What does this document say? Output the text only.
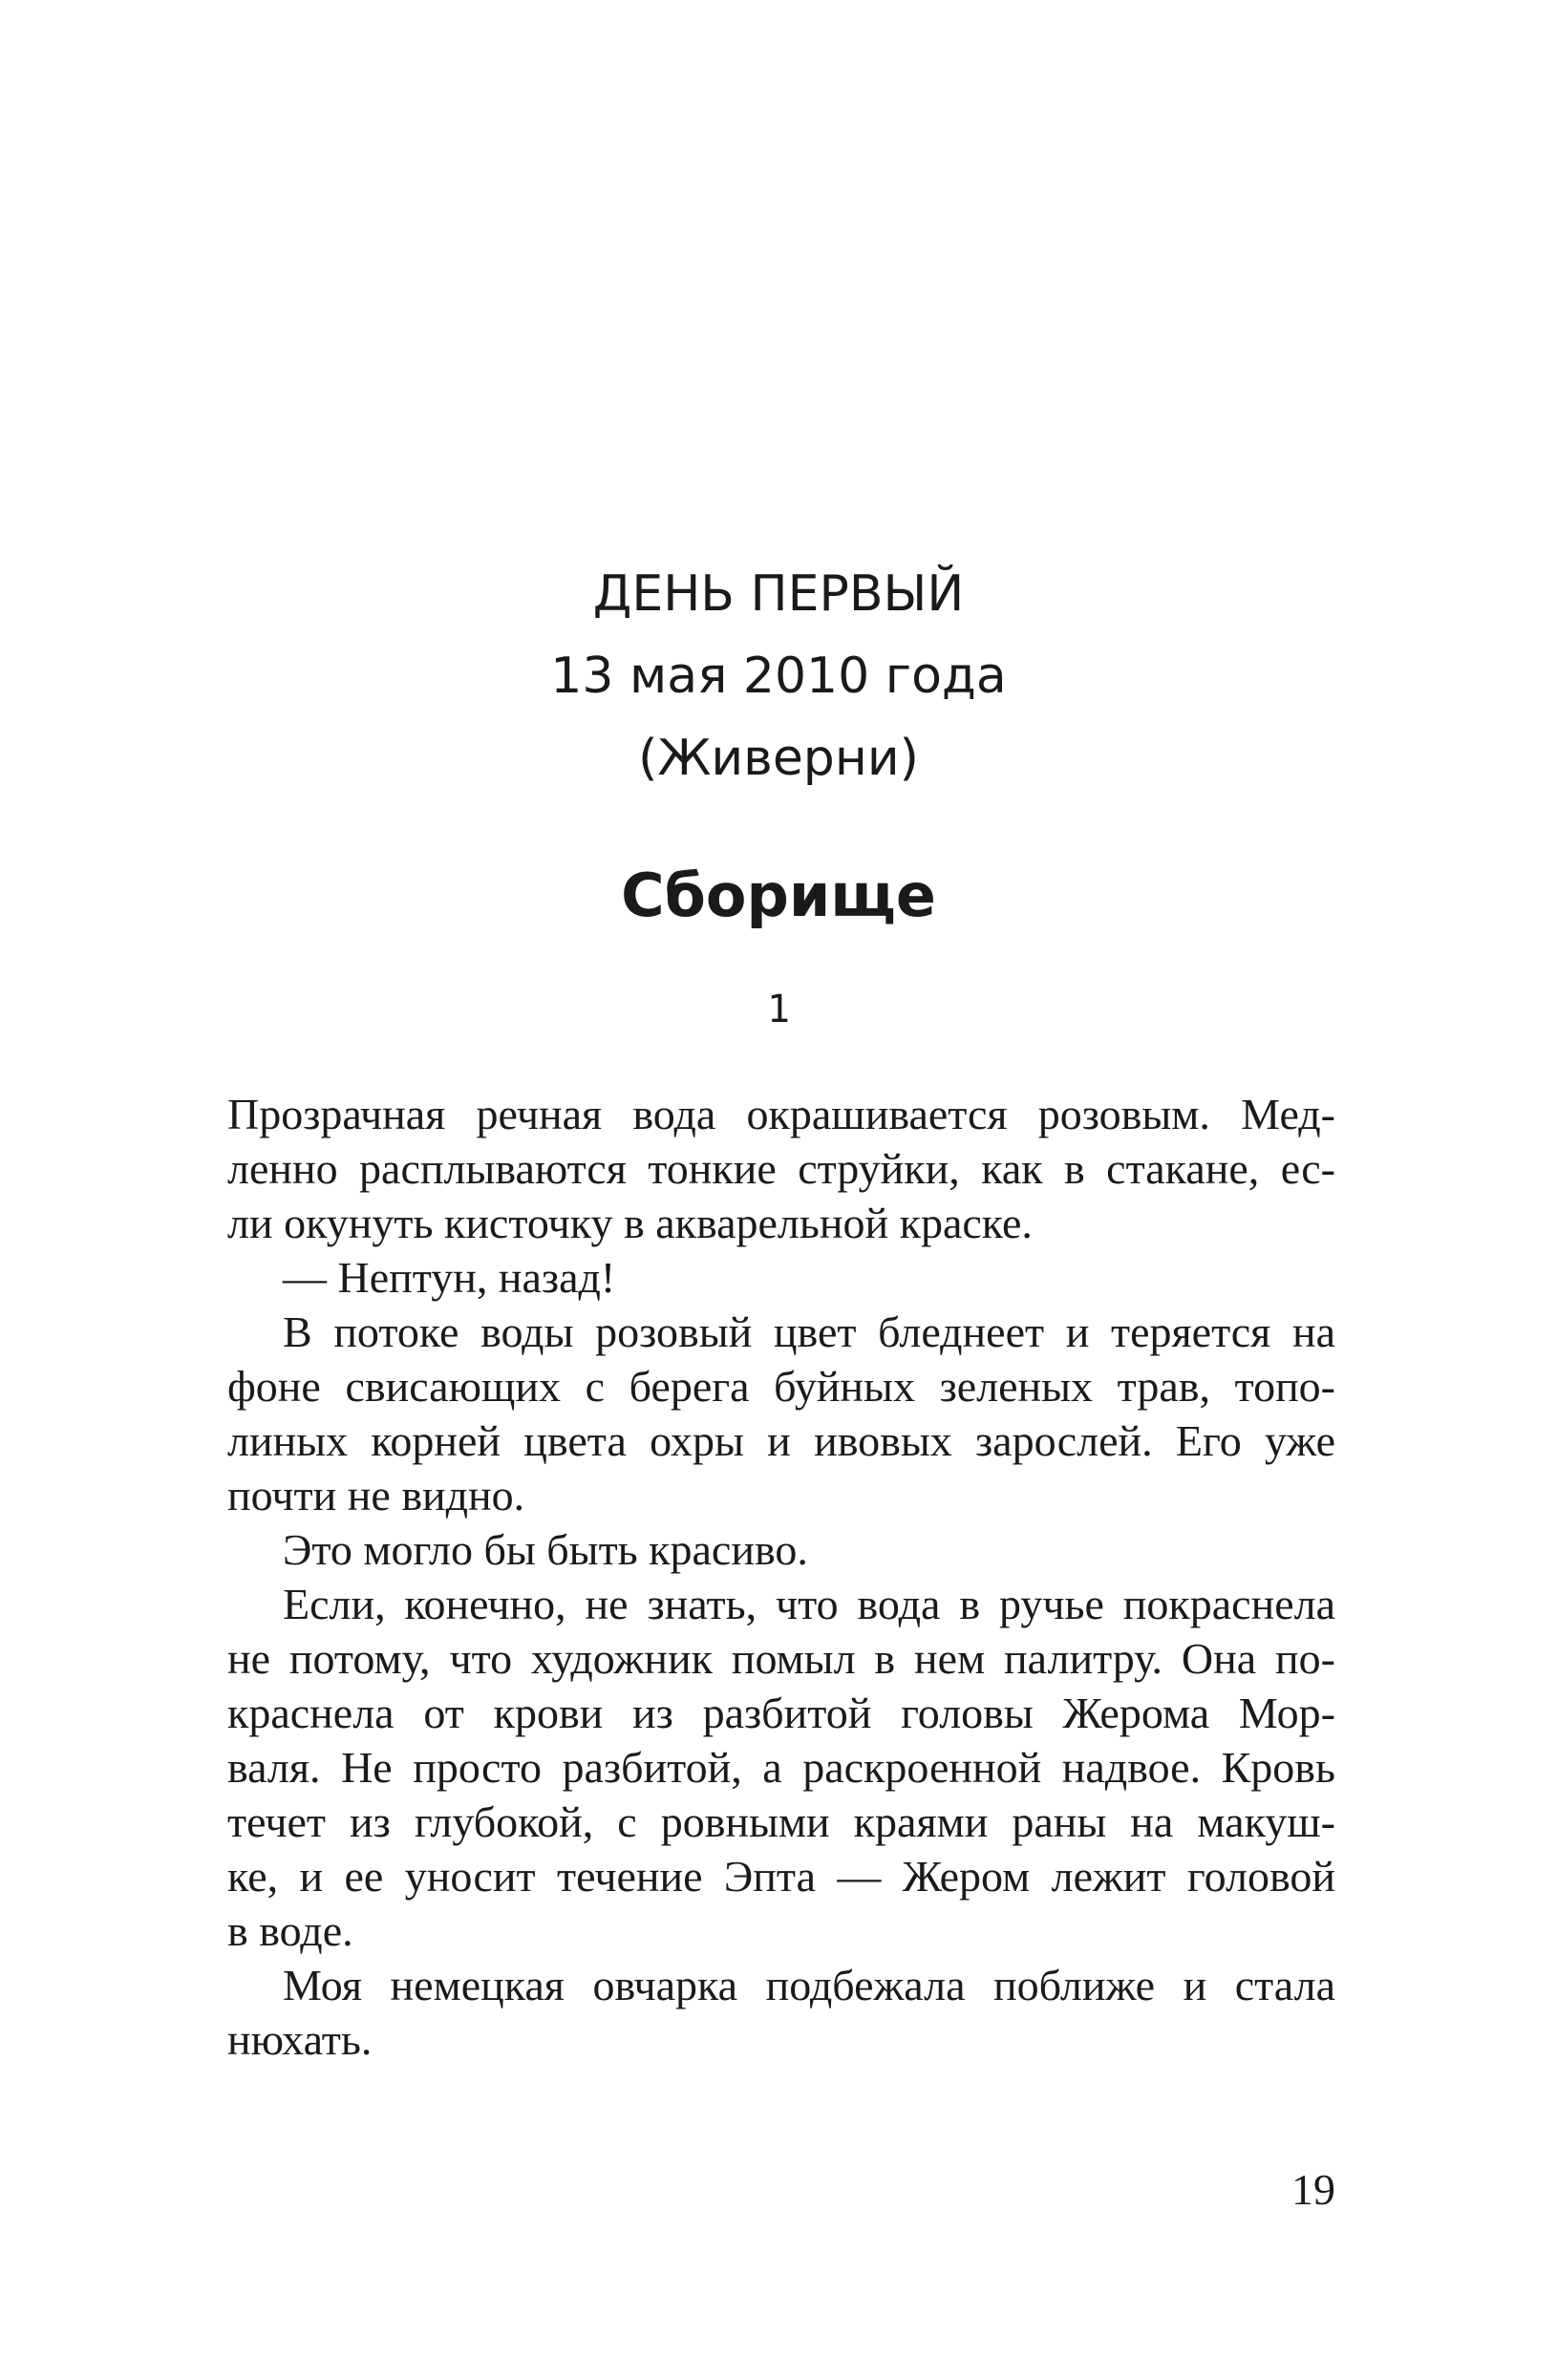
ДЕНЬ ПЕРВЫЙ
13 мая 2010 года
(Живерни)
Сборище
1

Прозрачная речная вода окрашивается розовым. Мед-
ленно расплываются тонкие струйки, как в стакане, ес-
ли окунуть кисточку в акварельной краске.

— Нептун, назад!

В потоке воды розовый цвет бледнеет и теряется на
фоне свисающих с берега буйных зеленых трав, топо-
линых корней цвета охры и ивовых зарослей. Его уже
почти не видно.

Это могло бы быть красиво.

Если, конечно, не знать, что вода в ручье покраснела
не потому, что художник помыл в нем палитру. Она по-
краснела от крови из разбитой головы Жерома Мор-
валя. Не просто разбитой, а раскроенной надвое. Кровь
течет из глубокой, с ровными краями раны на макуш-
ке, и ее уносит течение Эпта — Жером лежит головой
в воде.

Моя немецкая овчарка подбежала поближе и стала
нюхать.

19
